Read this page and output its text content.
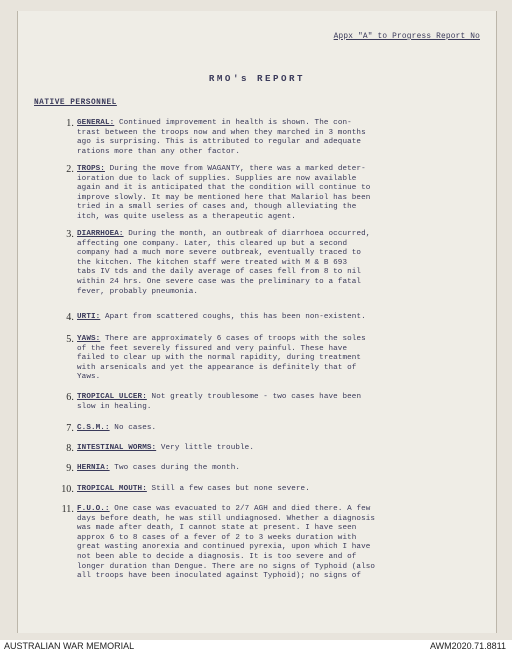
Appx "A" to Progress Report No
RMO's REPORT
NATIVE PERSONNEL
1. GENERAL: Continued improvement in health is shown. The con-
trast between the troops now and when they marched in 3 months
ago is surprising. This is attributed to regular and adequate
rations more than any other factor.
2. TROPS: During the move from WAGANTY, there was a marked deter-
ioration due to lack of supplies. Supplies are now available
again and it is anticipated that the condition will continue to
improve slowly. It may be mentioned here that Malariol has been
tried in a small series of cases and, though alleviating the
itch, was quite useless as a therapeutic agent.
3. DIARRHOEA: During the month, an outbreak of diarrhoea occurred,
affecting one company. Later, this cleared up but a second
company had a much more severe outbreak, eventually traced to
the kitchen. The kitchen staff were treated with M & B 693
tabs IV tds and the daily average of cases fell from 8 to nil
within 24 hrs. One severe case was the preliminary to a fatal
fever, probably pneumonia.
4. URTI: Apart from scattered coughs, this has been non-existent.
5. YAWS: There are approximately 6 cases of troops with the soles
of the feet severely fissured and very painful. These have
failed to clear up with the normal rapidity, during treatment
with arsenicals and yet the appearance is definitely that of
Yaws.
6. TROPICAL ULCER: Not greatly troublesome - two cases have been
slow in healing.
7. C.S.M.: No cases.
8. INTESTINAL WORMS: Very little trouble.
9. HERNIA: Two cases during the month.
10. TROPICAL MOUTH: Still a few cases but none severe.
11. F.U.O.: One case was evacuated to 2/7 AGH and died there. A few
days before death, he was still undiagnosed. Whether a diagnosis
was made after death, I cannot state at present. I have seen
approx 6 to 8 cases of a fever of 2 to 3 weeks duration with
great wasting anorexia and continued pyrexia, upon which I have
not been able to decide a diagnosis. It is too severe and of
longer duration than Dengue. There are no signs of Typhoid (also
all troops have been inoculated against Typhoid); no signs of
AUSTRALIAN WAR MEMORIAL	AWM2020.71.8811
